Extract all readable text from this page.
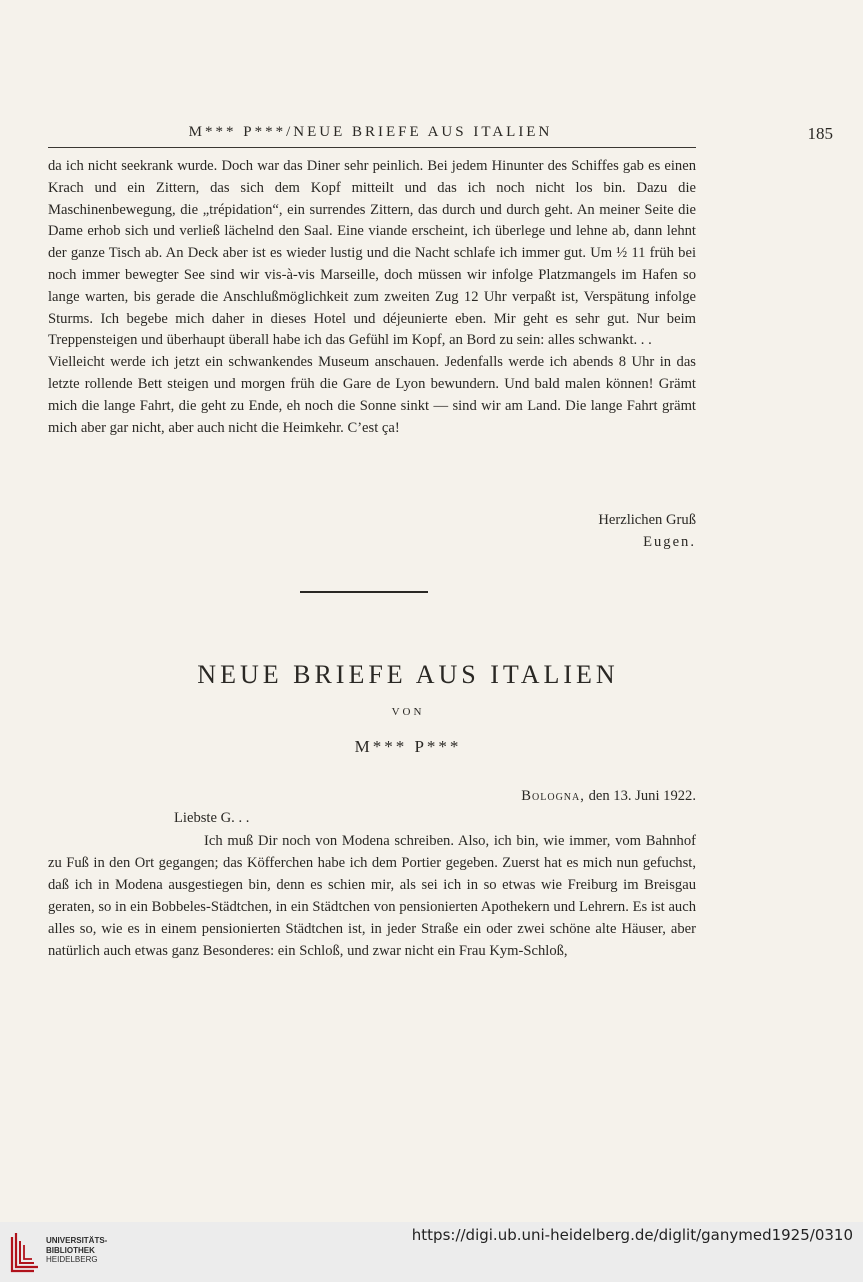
M*** P***/NEUE BRIEFE AUS ITALIEN	185

da ich nicht seekrank wurde. Doch war das Diner sehr peinlich. Bei jedem Hinunter des Schiffes gab es einen Krach und ein Zittern, das sich dem Kopf mitteilt und das ich noch nicht los bin. Dazu die Maschinenbewegung, die „trépidation“, ein surrendes Zittern, das durch und durch geht. An meiner Seite die Dame erhob sich und verließ lächelnd den Saal. Eine viande erscheint, ich überlege und lehne ab, dann lehnt der ganze Tisch ab. An Deck aber ist es wieder lustig und die Nacht schlafe ich immer gut. Um ½ 11 früh bei noch immer bewegter See sind wir vis-à-vis Marseille, doch müssen wir infolge Platzmangels im Hafen so lange warten, bis gerade die Anschlußmöglichkeit zum zweiten Zug 12 Uhr verpaßt ist, Verspätung infolge Sturms. Ich begebe mich daher in dieses Hotel und déjeunierte eben. Mir geht es sehr gut. Nur beim Treppensteigen und überhaupt überall habe ich das Gefühl im Kopf, an Bord zu sein: alles schwankt. . .

Vielleicht werde ich jetzt ein schwankendes Museum anschauen. Jedenfalls werde ich abends 8 Uhr in das letzte rollende Bett steigen und morgen früh die Gare de Lyon bewundern. Und bald malen können! Grämt mich die lange Fahrt, die geht zu Ende, eh noch die Sonne sinkt — sind wir am Land. Die lange Fahrt grämt mich aber gar nicht, aber auch nicht die Heimkehr. C’est ça!

Herzlichen Gruß
Eugen.
NEUE BRIEFE AUS ITALIEN
VON
M*** P***
Bologna, den 13. Juni 1922.
Liebste G. . .

Ich muß Dir noch von Modena schreiben. Also, ich bin, wie immer, vom Bahnhof zu Fuß in den Ort gegangen; das Köfferchen habe ich dem Portier gegeben. Zuerst hat es mich nun gefuchst, daß ich in Modena ausgestiegen bin, denn es schien mir, als sei ich in so etwas wie Freiburg im Breisgau geraten, so in ein Bobbeles-Städtchen, in ein Städtchen von pensionierten Apothekern und Lehrern. Es ist auch alles so, wie es in einem pensionierten Städtchen ist, in jeder Straße ein oder zwei schöne alte Häuser, aber natürlich auch etwas ganz Besonderes: ein Schloß, und zwar nicht ein Frau Kym-Schloß,

UNIVERSITÄTS-
BIBLIOTHEK
HEIDELBERG
https://digi.ub.uni-heidelberg.de/diglit/ganymed1925/0310
